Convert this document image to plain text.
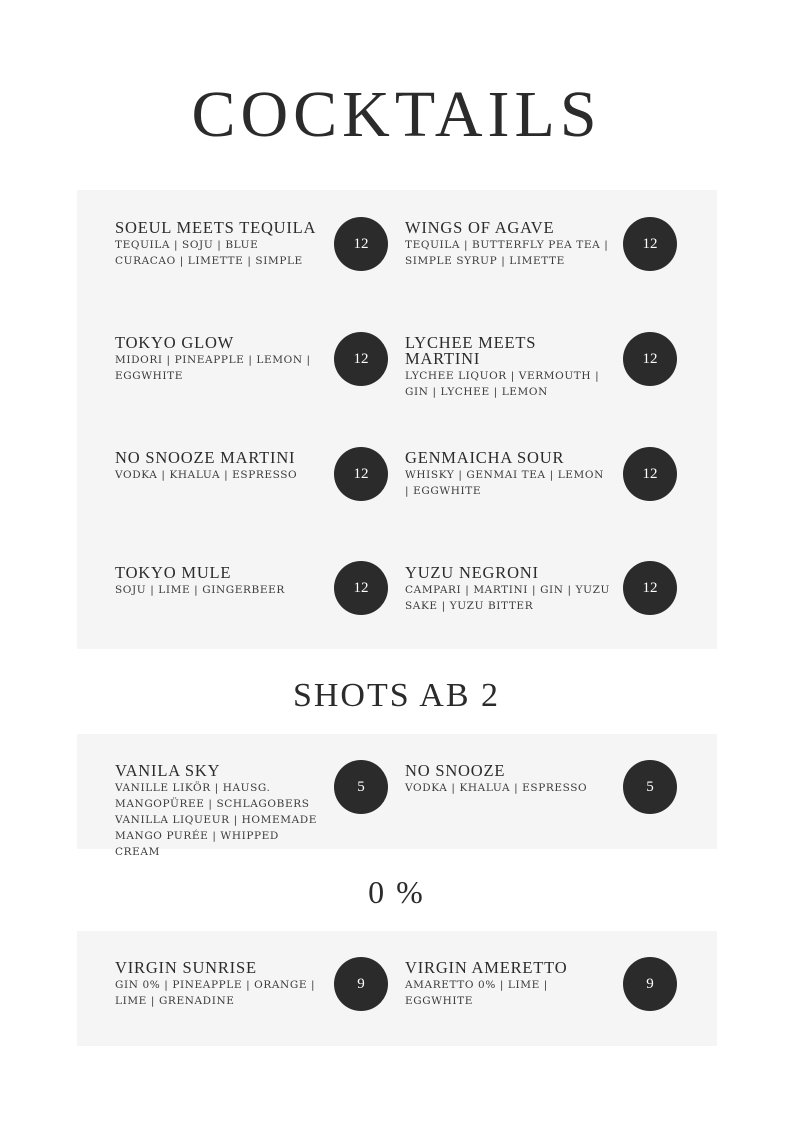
COCKTAILS

SOEUL MEETS TEQUILA

TEQUILA | SOJU | BLUE CURACAO | LIMETTE | SIMPLE

12

WINGS OF AGAVE

TEQUILA | BUTTERFLY PEA TEA | SIMPLE SYRUP | LIMETTE

12

TOKYO GLOW

MIDORI | PINEAPPLE | LEMON | EGGWHITE

12

LYCHEE MEETS MARTINI

LYCHEE LIQUOR | VERMOUTH | GIN | LYCHEE | LEMON

12

NO SNOOZE MARTINI

VODKA | KHALUA | ESPRESSO	12

GENMAICHA SOUR

WHISKY | GENMAI TEA | LEMON | EGGWHITE

12

TOKYO MULE

SOJU | LIME | GINGERBEER	12

YUZU NEGRONI

CAMPARI | MARTINI | GIN | YUZU SAKE | YUZU BITTER

12
SHOTS AB 2

VANILA SKY

VANILLE LIKÖR | HAUSG. MANGOPÜREE | SCHLAGOBERS VANILLA LIQUEUR | HOMEMADE MANGO PURÉE | WHIPPED CREAM

5

NO SNOOZE

VODKA | KHALUA | ESPRESSO	5
0 %

VIRGIN SUNRISE

GIN 0% | PINEAPPLE | ORANGE | LIME | GRENADINE

9

VIRGIN AMERETTO

AMARETTO 0% | LIME | EGGWHITE

9
